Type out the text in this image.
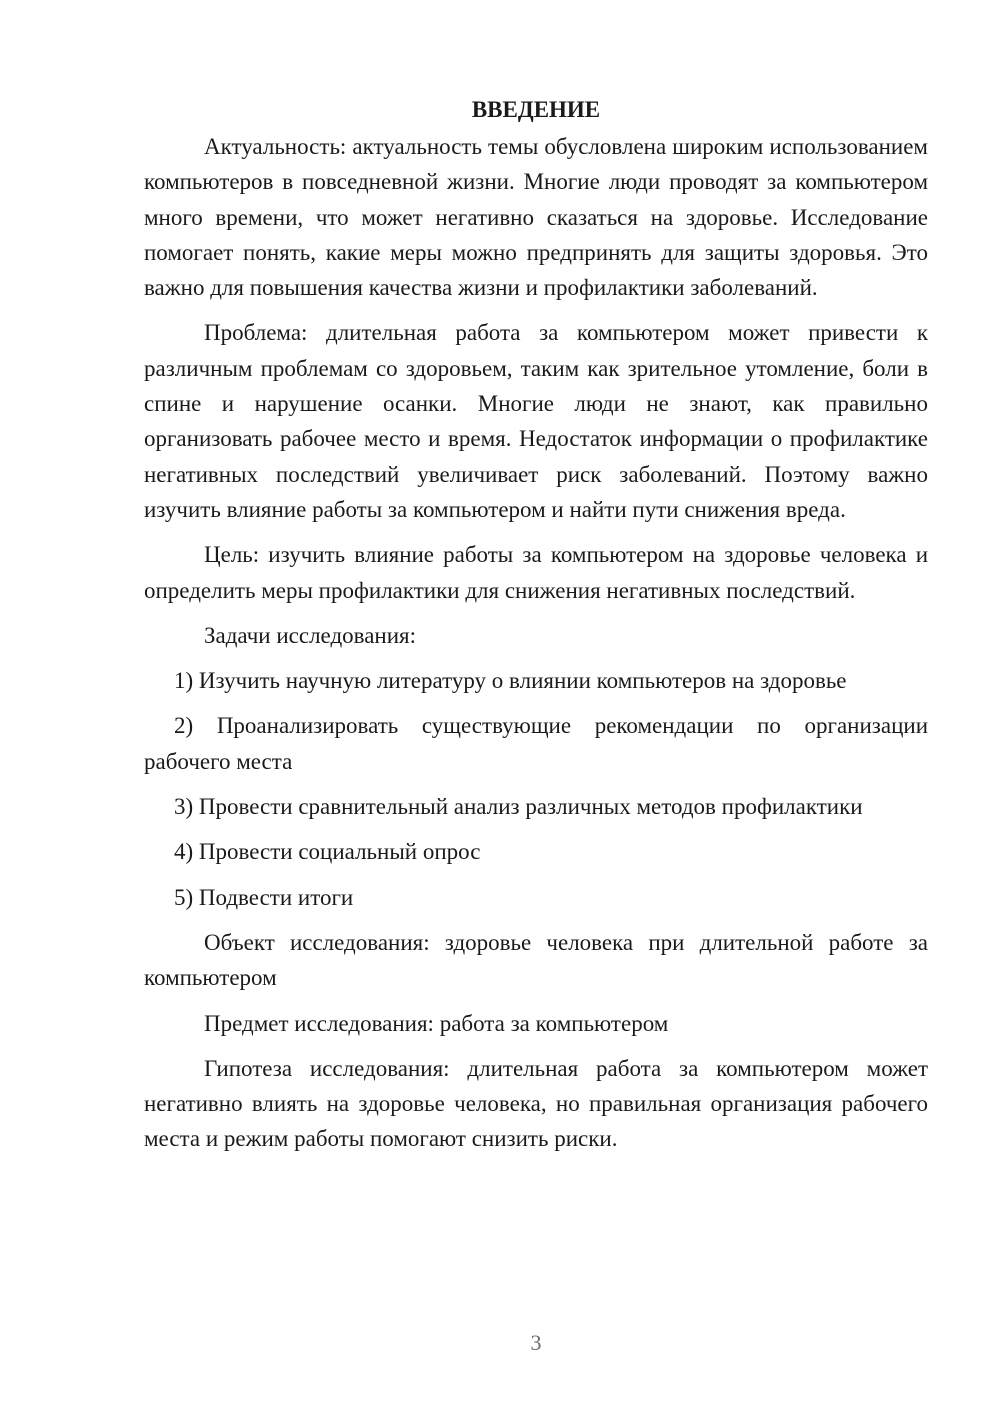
ВВЕДЕНИЕ

Актуальность: актуальность темы обусловлена широким использованием компьютеров в повседневной жизни. Многие люди проводят за компьютером много времени, что может негативно сказаться на здоровье. Исследование помогает понять, какие меры можно предпринять для защиты здоровья. Это важно для повышения качества жизни и профилактики заболеваний.

Проблема: длительная работа за компьютером может привести к различным проблемам со здоровьем, таким как зрительное утомление, боли в спине и нарушение осанки. Многие люди не знают, как правильно организовать рабочее место и время. Недостаток информации о профилактике негативных последствий увеличивает риск заболеваний. Поэтому важно изучить влияние работы за компьютером и найти пути снижения вреда.

Цель: изучить влияние работы за компьютером на здоровье человека и определить меры профилактики для снижения негативных последствий.

Задачи исследования:

1) Изучить научную литературу о влиянии компьютеров на здоровье

2) Проанализировать существующие рекомендации по организации рабочего места

3) Провести сравнительный анализ различных методов профилактики

4) Провести социальный опрос

5) Подвести итоги

Объект исследования: здоровье человека при длительной работе за компьютером

Предмет исследования: работа за компьютером

Гипотеза исследования: длительная работа за компьютером может негативно влиять на здоровье человека, но правильная организация рабочего места и режим работы помогают снизить риски.

3
